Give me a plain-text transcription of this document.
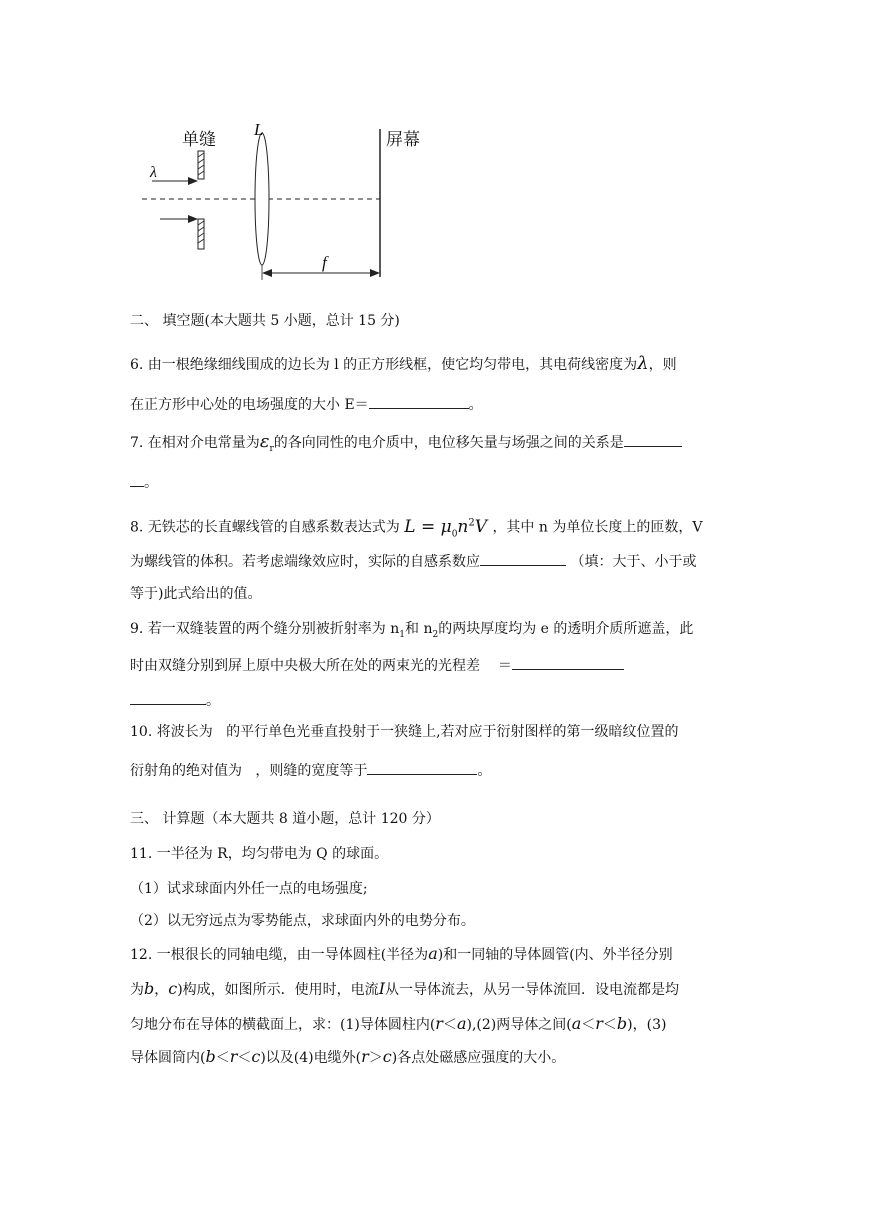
单缝
L
屏幕
λ
f
二、 填空题(本大题共 5 小题，总计 15 分)
6. 由一根绝缘细线围成的边长为 l 的正方形线框，使它均匀带电，其电荷线密度为λ，则
在正方形中心处的电场强度的大小 E＝	。
7. 在相对介电常量为$\varepsilon_r$的各向同性的电介质中，电位移矢量与场强之间的关系是
。
8. 无铁芯的长直螺线管的自感系数表达式为 $L = \mu_0n^2V$ ，其中 n 为单位长度上的匝数，V
为螺线管的体积。若考虑端缘效应时，实际的自感系数应	（填：大于、小于或
等于)此式给出的值。
9. 若一双缝装置的两个缝分别被折射率为 $n_1$和 $n_2$的两块厚度均为 e 的透明介质所遮盖，此
时由双缝分别到屏上原中央极大所在处的两束光的光程差 ＝
。
10. 将波长为 的平行单色光垂直投射于一狭缝上,若对应于衍射图样的第一级暗纹位置的
衍射角的绝对值为 ，则缝的宽度等于	。
三、 计算题（本大题共 8 道小题，总计 120 分）
11. 一半径为 R，均匀带电为 Q 的球面。
（1）试求球面内外任一点的电场强度;
（2）以无穷远点为零势能点，求球面内外的电势分布。
12. 一根很长的同轴电缆，由一导体圆柱(半径为a)和一同轴的导体圆管(内、外半径分别
为b，c)构成，如图所示．使用时，电流I从一导体流去，从另一导体流回．设电流都是均
匀地分布在导体的横截面上，求：(1)导体圆柱内(r＜a),(2)两导体之间(a＜r＜b)，(3)
导体圆筒内(b＜r＜c)以及(4)电缆外(r＞c)各点处磁感应强度的大小。
